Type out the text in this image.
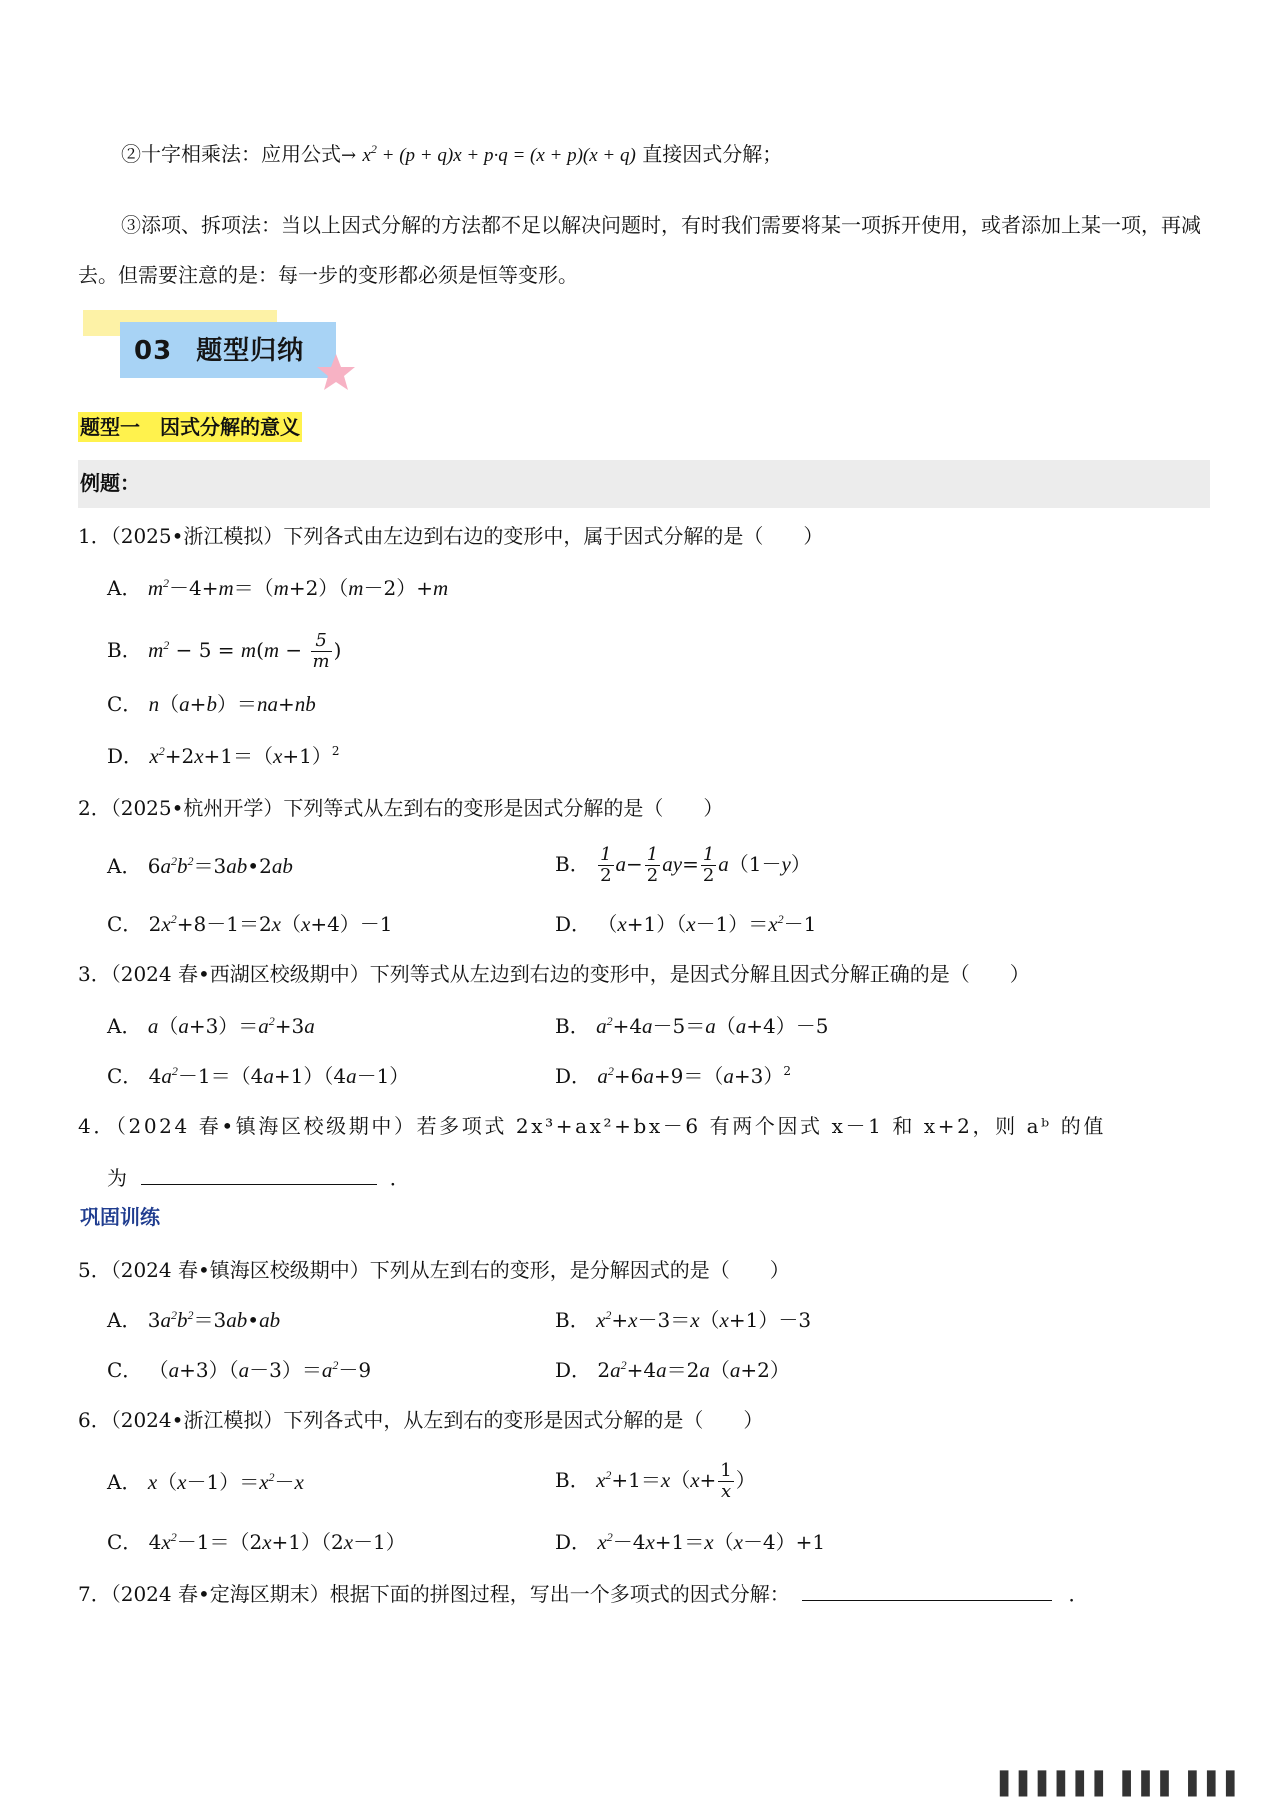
②十字相乘法：应用公式→ $x^2 + (p + q)x + p\cdot q = (x + p)(x + q)$ 直接因式分解；
③添项、拆项法：当以上因式分解的方法都不足以解决问题时，有时我们需要将某一项拆开使用，或者添加上某一项，再减去。但需要注意的是：每一步的变形都必须是恒等变形。
03 题型归纳
题型一　因式分解的意义
例题：
1．（2025•浙江模拟）下列各式由左边到右边的变形中，属于因式分解的是（　　）
A． $m^2-4+m=(m+2)(m-2)+m$
B． $m^2 - 5 = m(m - \frac{5}{m}$ )
C． n（a+b）＝na+nb
D． $x^2+2x+1=(x+1)^2$
2．（2025•杭州开学）下列等式从左到右的变形是因式分解的是（　　）
A． $6a^2b^2=3ab•2ab$	B． $\frac{1}{2} a- \frac{1}{2} ay= \frac{1}{2} a(1-y)$
C． $2x^2+8-1=2x(x+4)-1$	D． $(x+1)(x-1)=x^2-1$
3．（2024 春•西湖区校级期中）下列等式从左边到右边的变形中，是因式分解且因式分解正确的是（　　）
A． $a(a+3)=a^2+3a$	B． $a^2+4a-5=a(a+4)-5$
C． $4a^2-1=(4a+1)(4a-1)$	D． $a^2+6a+9=(a+3)^2$
4．（2024 春•镇海区校级期中）若多项式 2x³+ax²+bx－6 有两个因式 x－1 和 x+2，则 aᵇ 的值
为	．
巩固训练
5．（2024 春•镇海区校级期中）下列从左到右的变形，是分解因式的是（　　）
A． $3a^2b^2=3ab•ab$	B． $x^2+x-3=x(x+1)-3$
C． $(a+3)(a-3)=a^2-9$	D． $2a^2+4a=2a(a+2)$
6．（2024•浙江模拟）下列各式中，从左到右的变形是因式分解的是（　　）
A． $x(x-1)=x^2-x$	B． $x^2+1=x(x+ \frac{1}{x}$ ）
C． $4x^2-1=(2x+1)(2x-1)$	D． $x^2-4x+1=x(x-4)+1$
7．（2024 春•定海区期末）根据下面的拼图过程，写出一个多项式的因式分解：	．
▌▌▌▌▌▌ ▌▌▌ ▌▌▌
